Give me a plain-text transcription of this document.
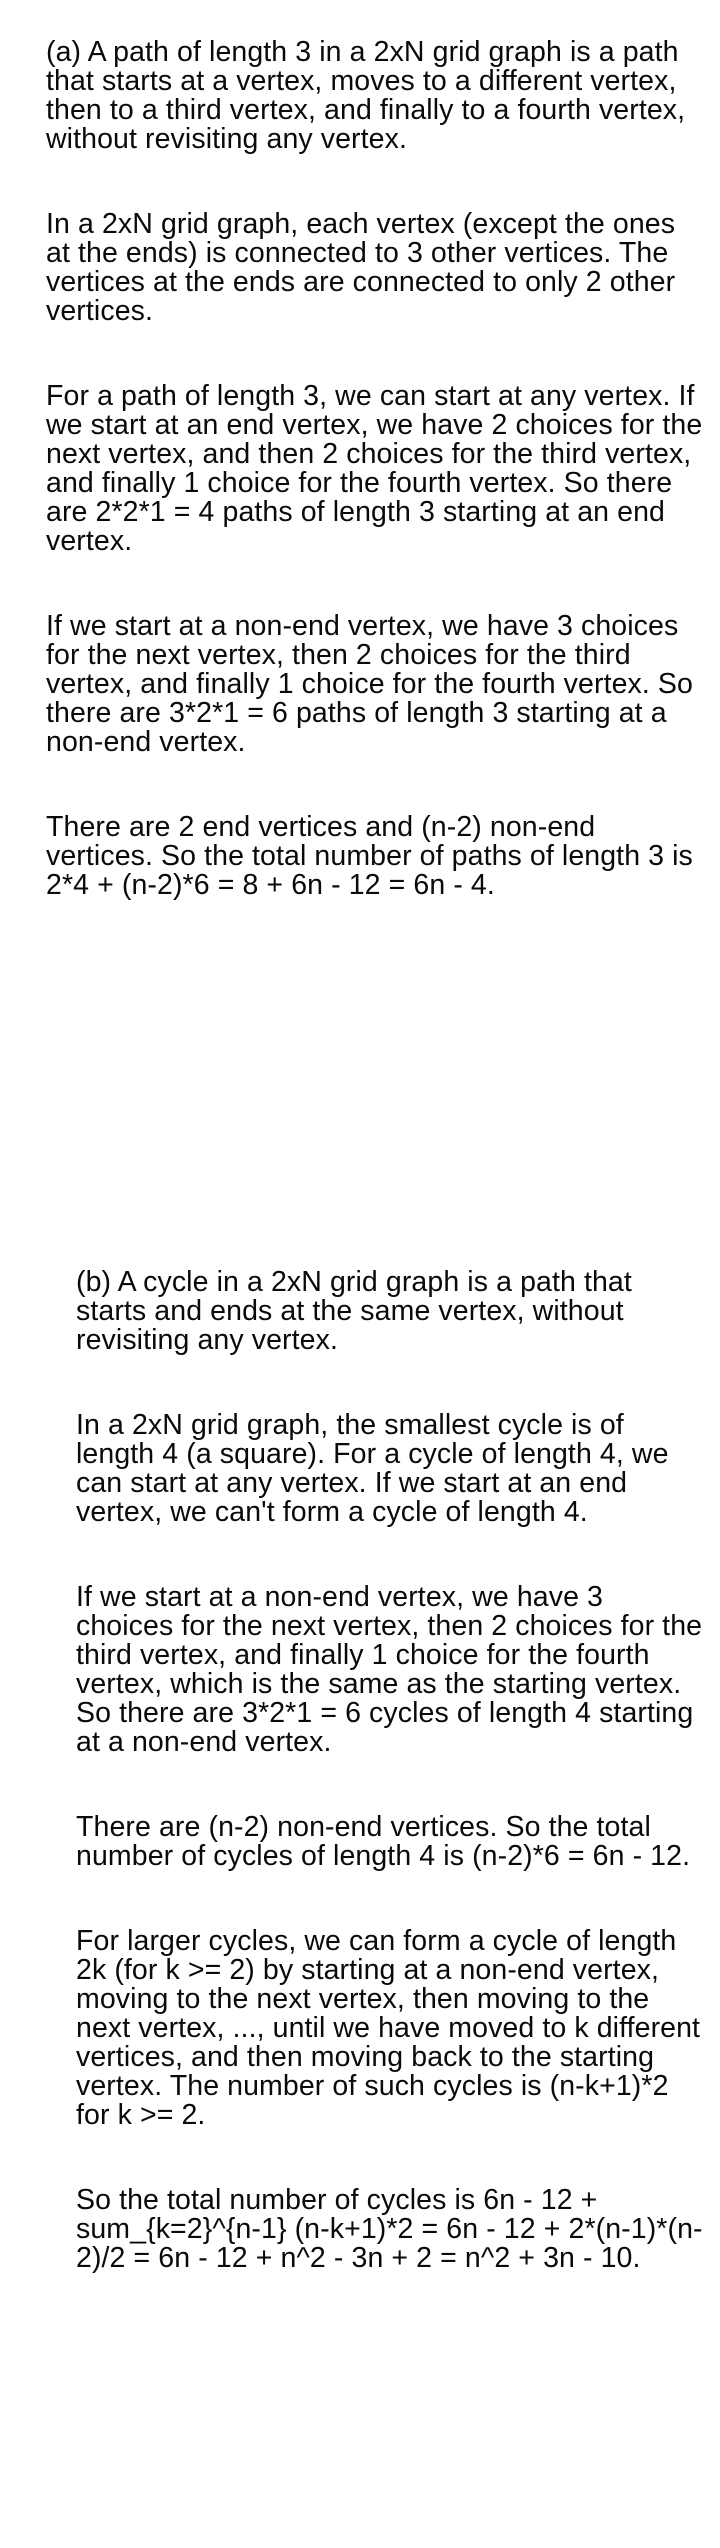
(a) A path of length 3 in a 2xN grid graph is a path that starts at a vertex, moves to a different vertex, then to a third vertex, and finally to a fourth vertex, without revisiting any vertex.

In a 2xN grid graph, each vertex (except the ones at the ends) is connected to 3 other vertices. The vertices at the ends are connected to only 2 other vertices.

For a path of length 3, we can start at any vertex. If we start at an end vertex, we have 2 choices for the next vertex, and then 2 choices for the third vertex, and finally 1 choice for the fourth vertex. So there are 2*2*1 = 4 paths of length 3 starting at an end vertex.

If we start at a non-end vertex, we have 3 choices for the next vertex, then 2 choices for the third vertex, and finally 1 choice for the fourth vertex. So there are 3*2*1 = 6 paths of length 3 starting at a non-end vertex.

There are 2 end vertices and (n-2) non-end vertices. So the total number of paths of length 3 is 2*4 + (n-2)*6 = 8 + 6n - 12 = 6n - 4.

(b) A cycle in a 2xN grid graph is a path that starts and ends at the same vertex, without revisiting any vertex.

In a 2xN grid graph, the smallest cycle is of length 4 (a square). For a cycle of length 4, we can start at any vertex. If we start at an end vertex, we can't form a cycle of length 4.

If we start at a non-end vertex, we have 3 choices for the next vertex, then 2 choices for the third vertex, and finally 1 choice for the fourth vertex, which is the same as the starting vertex. So there are 3*2*1 = 6 cycles of length 4 starting at a non-end vertex.

There are (n-2) non-end vertices. So the total number of cycles of length 4 is (n-2)*6 = 6n - 12.

For larger cycles, we can form a cycle of length 2k (for k >= 2) by starting at a non-end vertex, moving to the next vertex, then moving to the next vertex, ..., until we have moved to k different vertices, and then moving back to the starting vertex. The number of such cycles is (n-k+1)*2 for k >= 2.

So the total number of cycles is 6n - 12 + sum_{k=2}^{n-1} (n-k+1)*2 = 6n - 12 + 2*(n-1)*(n-2)/2 = 6n - 12 + n^2 - 3n + 2 = n^2 + 3n - 10.
